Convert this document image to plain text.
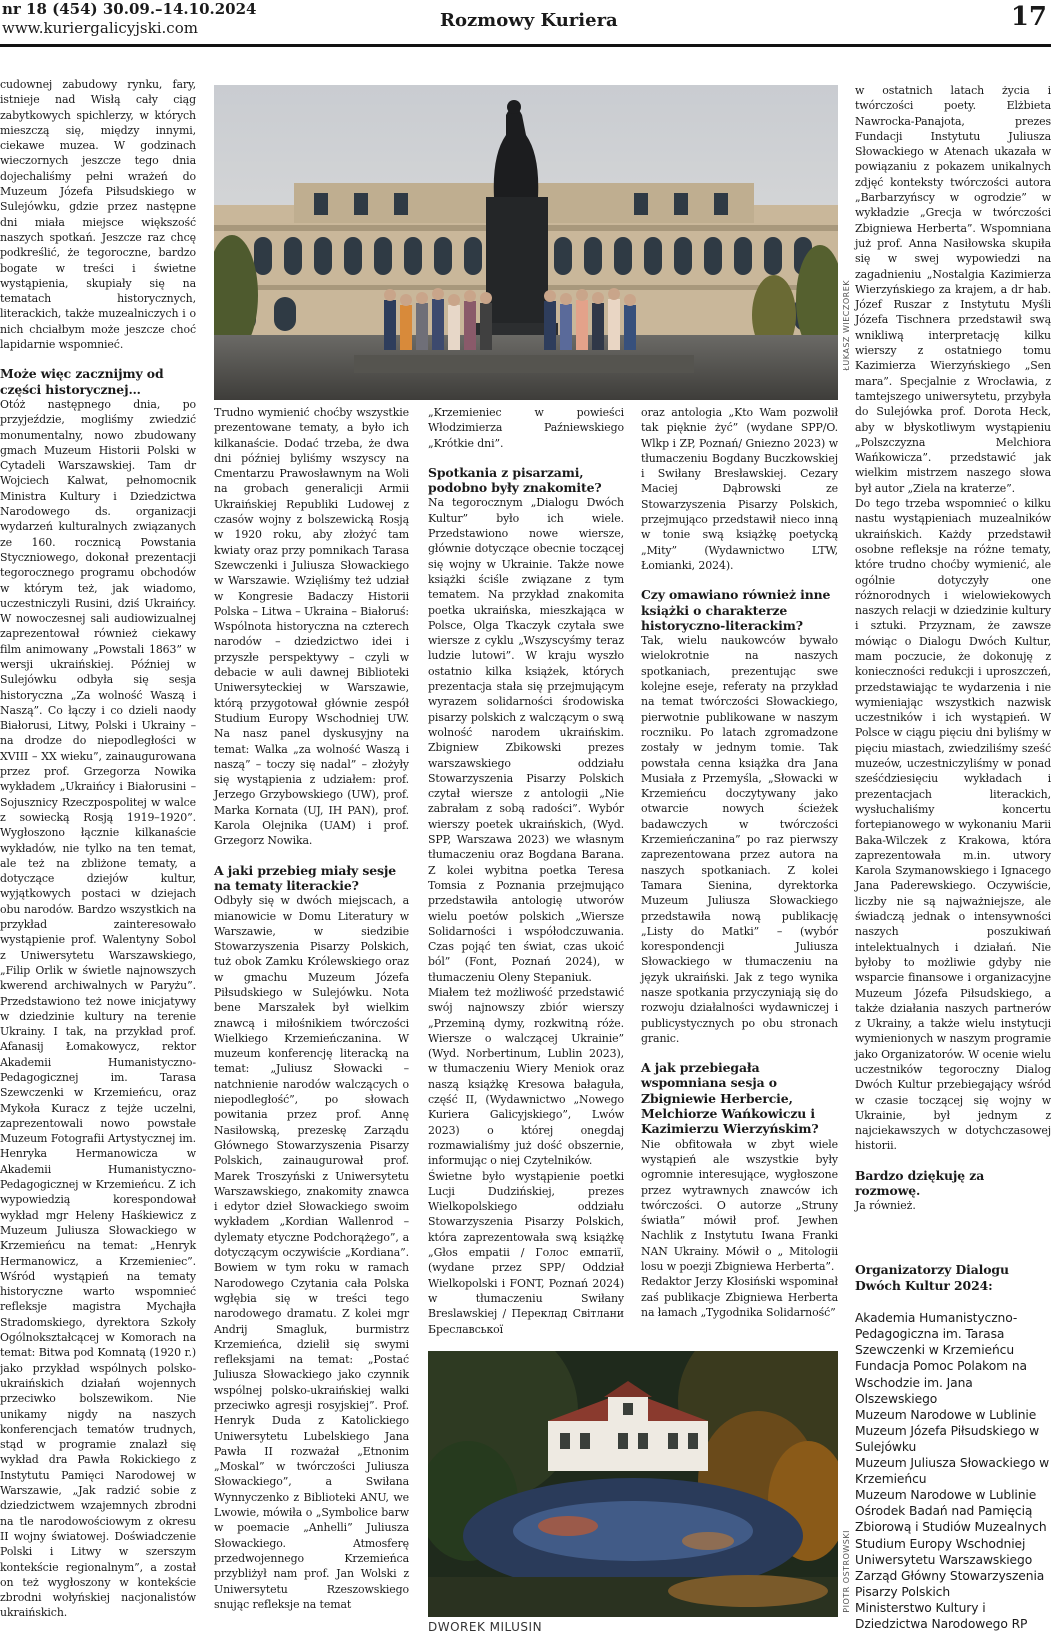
nr 18 (454) 30.09.–14.10.2024
www.kuriergalicyjski.com	Rozmowy Kuriera	17
ŁUKASZ WIECZOREK

cudownej zabudowy rynku, fary, istnieje nad Wisłą cały ciąg zabytkowych spichlerzy, w których mieszczą się, między innymi, ciekawe muzea. W godzinach wieczornych jeszcze tego dnia dojechaliśmy pełni wrażeń do Muzeum Józefa Piłsudskiego w Sulejówku, gdzie przez następne dni miała miejsce większość naszych spotkań. Jeszcze raz chcę podkreślić, że tegoroczne, bardzo bogate w treści i świetne wystąpienia, skupiały się na tematach historycznych, literackich, także muzealniczych i o nich chciałbym może jeszcze choć lapidarnie wspomnieć.

Może więc zacznijmy od części historycznej…

Otóż następnego dnia, po przyjeździe, mogliśmy zwiedzić monumentalny, nowo zbudowany gmach Muzeum Historii Polski w Cytadeli Warszawskiej. Tam dr Wojciech Kalwat, pełnomocnik Ministra Kultury i Dziedzictwa Narodowego ds. organizacji wydarzeń kulturalnych związanych ze 160. rocznicą Powstania Styczniowego, dokonał prezentacji tegorocznego programu obchodów w którym też, jak wiadomo, uczestniczyli Rusini, dziś Ukraińcy. W nowoczesnej sali audiowizualnej zaprezentował również ciekawy film animowany „Powstali 1863” w wersji ukraińskiej. Później w Sulejówku odbyła się sesja historyczna „Za wolność Waszą i Naszą”. Co łączy i co dzieli naody Białorusi, Litwy, Polski i Ukrainy – na drodze do niepodległości w XVIII – XX wieku”, zainaugurowana przez prof. Grzegorza Nowika wykładem „Ukraińcy i Białorusini – Sojusznicy Rzeczpospolitej w walce z sowiecką Rosją 1919–1920”. Wygłoszono łącznie kilkanaście wykładów, nie tylko na ten temat, ale też na zbliżone tematy, a dotyczące dziejów kultur, wyjątkowych postaci w dziejach obu narodów. Bardzo wszystkich na przykład zainteresowało wystąpienie prof. Walentyny Sobol z Uniwersytetu Warszawskiego, „Filip Orlik w świetle najnowszych kwerend archiwalnych w Paryżu”. Przedstawiono też nowe inicjatywy w dziedzinie kultury na terenie Ukrainy. I tak, na przykład prof. Afanasij Łomakowycz, rektor Akademii Humanistyczno-Pedagogicznej im. Tarasa Szewczenki w Krzemieńcu, oraz Mykoła Kuracz z tejże uczelni, zaprezentowali nowo powstałe Muzeum Fotografii Artystycznej im. Henryka Hermanowicza w Akademii Humanistyczno-Pedagogicznej w Krzemieńcu. Z ich wypowiedzią korespondował wykład mgr Heleny Haśkiewicz z Muzeum Juliusza Słowackiego w Krzemieńcu na temat: „Henryk Hermanowicz, a Krzemieniec”. Wśród wystąpień na tematy historyczne warto wspomnieć refleksje magistra Mychajła Stradomskiego, dyrektora Szkoły Ogólnokształcącej w Komorach na temat: Bitwa pod Komnatą (1920 r.) jako przykład wspólnych polsko-ukraińskich działań wojennych przeciwko bolszewikom. Nie unikamy nigdy na naszych konferencjach tematów trudnych, stąd w programie znalazł się wykład dra Pawła Rokickiego z Instytutu Pamięci Narodowej w Warszawie, „Jak radzić sobie z dziedzictwem wzajemnych zbrodni na tle narodowościowym z okresu II wojny światowej. Doświadczenie Polski i Litwy w szerszym kontekście regionalnym”, a został on też wygłoszony w kontekście zbrodni wołyńskiej nacjonalistów ukraińskich.

Trudno wymienić choćby wszystkie prezentowane tematy, a było ich kilkanaście. Dodać trzeba, że dwa dni później byliśmy wszyscy na Cmentarzu Prawosławnym na Woli na grobach generalicji Armii Ukraińskiej Republiki Ludowej z czasów wojny z bolszewicką Rosją w 1920 roku, aby złożyć tam kwiaty oraz przy pomnikach Tarasa Szewczenki i Juliusza Słowackiego w Warszawie. Wzięliśmy też udział w Kongresie Badaczy Historii Polska – Litwa – Ukraina – Białoruś: Wspólnota historyczna na czterech narodów – dziedzictwo idei i przyszłe perspektywy – czyli w debacie w auli dawnej Biblioteki Uniwersyteckiej w Warszawie, którą przygotował głównie zespół Studium Europy Wschodniej UW. Na nasz panel dyskusyjny na temat: Walka „za wolność Waszą i naszą” – toczy się nadal” – złożyły się wystąpienia z udziałem: prof. Jerzego Grzybowskiego (UW), prof. Marka Kornata (UJ, IH PAN), prof. Karola Olejnika (UAM) i prof. Grzegorz Nowika.

A jaki przebieg miały sesje na tematy literackie?

Odbyły się w dwóch miejscach, a mianowicie w Domu Literatury w Warszawie, w siedzibie Stowarzyszenia Pisarzy Polskich, tuż obok Zamku Królewskiego oraz w gmachu Muzeum Józefa Piłsudskiego w Sulejówku. Nota bene Marszałek był wielkim znawcą i miłośnikiem twórczości Wielkiego Krzemieńczanina. W muzeum konferencję literacką na temat: „Juliusz Słowacki – natchnienie narodów walczących o niepodległość”, po słowach powitania przez prof. Annę Nasiłowską, prezeskę Zarządu Głównego Stowarzyszenia Pisarzy Polskich, zainaugurował prof. Marek Troszyński z Uniwersytetu Warszawskiego, znakomity znawca i edytor dzieł Słowackiego swoim wykładem „Kordian Wallenrod – dylematy etyczne Podchorążego”, a dotyczącym oczywiście „Kordiana”. Bowiem w tym roku w ramach Narodowego Czytania cała Polska wgłębia się w treści tego narodowego dramatu. Z kolei mgr Andrij Smagluk, burmistrz Krzemieńca, dzielił się swymi refleksjami na temat: „Postać Juliusza Słowackiego jako czynnik wspólnej polsko-ukraińskiej walki przeciwko agresji rosyjskiej”. Prof. Henryk Duda z Katolickiego Uniwersytetu Lubelskiego Jana Pawła II rozważał „Etnonim „Moskal” w twórczości Juliusza Słowackiego”, a Swiłana Wynnyczenko z Biblioteki ANU, we Lwowie, mówiła o „Symbolice barw w poemacie „Anhelli” Juliusza Słowackiego. Atmosferę przedwojennego Krzemieńca przybliżył nam prof. Jan Wolski z Uniwersytetu Rzeszowskiego snując refleksje na temat

„Krzemieniec w powieści Włodzimierza Paźniewskiego „Krótkie dni”.

Spotkania z pisarzami, podobno były znakomite?

Na tegorocznym „Dialogu Dwóch Kultur” było ich wiele. Przedstawiono nowe wiersze, głównie dotyczące obecnie toczącej się wojny w Ukrainie. Także nowe książki ściśle związane z tym tematem. Na przykład znakomita poetka ukraińska, mieszkająca w Polsce, Olga Tkaczyk czytała swe wiersze z cyklu „Wszyscyśmy teraz ludzie lutowi”. W kraju wyszło ostatnio kilka książek, których prezentacja stała się przejmującym wyrazem solidarności środowiska pisarzy polskich z walczącym o swą wolność narodem ukraińskim. Zbigniew Zbikowski prezes warszawskiego oddziału Stowarzyszenia Pisarzy Polskich czytał wiersze z antologii „Nie zabrałam z sobą radości”. Wybór wierszy poetek ukraińskich, (Wyd. SPP, Warszawa 2023) we własnym tłumaczeniu oraz Bogdana Barana. Z kolei wybitna poetka Teresa Tomsia z Poznania przejmująco przedstawiła antologię utworów wielu poetów polskich „Wiersze Solidarności i współodczuwania. Czas pojąć ten świat, czas ukoić ból” (Font, Poznań 2024), w tłumaczeniu Oleny Stepaniuk.

Miałem też możliwość przedstawić swój najnowszy zbiór wierszy „Przeminą dymy, rozkwitną róże. Wiersze o walczącej Ukrainie” (Wyd. Norbertinum, Lublin 2023), w tłumaczeniu Wiery Meniok oraz naszą książkę Kresowa bałaguła, część II, (Wydawnictwo „Nowego Kuriera Galicyjskiego”, Lwów 2023) o której onegdaj rozmawialiśmy już dość obszernie, informując o niej Czytelników.

Świetne było wystąpienie poetki Lucji Dudzińskiej, prezes Wielkopolskiego oddziału Stowarzyszenia Pisarzy Polskich, która zaprezentowała swą książkę „Głos empatii / Голос емпатії, (wydane przez SPP/ Oddział Wielkopolski i FONT, Poznań 2024) w tłumaczeniu Swiłany Breslawskiej / Переклад Світлани Бреславської

oraz antologia „Kto Wam pozwolił tak pięknie żyć” (wydane SPP/O. Wlkp i ZP, Poznań/ Gniezno 2023) w tłumaczeniu Bogdany Buczkowskiej i Swiłany Bresławskiej. Cezary Maciej Dąbrowski ze Stowarzyszenia Pisarzy Polskich, przejmująco przedstawił nieco inną w tonie swą książkę poetycką „Mity” (Wydawnictwo LTW, Łomianki, 2024).

Czy omawiano również inne książki o charakterze historyczno-literackim?

Tak, wielu naukowców bywało wielokrotnie na naszych spotkaniach, prezentując swe kolejne eseje, referaty na przykład na temat twórczości Słowackiego, pierwotnie publikowane w naszym roczniku. Po latach zgromadzone zostały w jednym tomie. Tak powstała cenna książka dra Jana Musiała z Przemyśla, „Słowacki w Krzemieńcu doczytywany jako otwarcie nowych ścieżek badawczych w twórczości Krzemieńczanina” po raz pierwszy zaprezentowana przez autora na naszych spotkaniach. Z kolei Tamara Sienina, dyrektorka Muzeum Juliusza Słowackiego przedstawiła nową publikację „Listy do Matki” – (wybór korespondencji Juliusza Słowackiego w tłumaczeniu na język ukraiński. Jak z tego wynika nasze spotkania przyczyniają się do rozwoju działalności wydawniczej i publicystycznych po obu stronach granic.

A jak przebiegała wspomniana sesja o Zbigniewie Herbercie, Melchiorze Wańkowiczu i Kazimierzu Wierzyńskim?

Nie obfitowała w zbyt wiele wystąpień ale wszystkie były ogromnie interesujące, wygłoszone przez wytrawnych znawców ich twórczości. O autorze „Struny światła” mówił prof. Jewhen Nachlik z Instytutu Iwana Franki NAN Ukrainy. Mówił o „ Mitologii losu w poezji Zbigniewa Herberta”.

Redaktor Jerzy Kłosiński wspominał zaś publikacje Zbigniewa Herberta na łamach „Tygodnika Solidarność”

PIOTR OSTROWSKI
DWOREK MILUSIN

w ostatnich latach życia i twórczości poety. Elżbieta Nawrocka-Panajota, prezes Fundacji Instytutu Juliusza Słowackiego w Atenach ukazała w powiązaniu z pokazem unikalnych zdjęć konteksty twórczości autora „Barbarzyńscy w ogrodzie” w wykładzie „Grecja w twórczości Zbigniewa Herberta”. Wspomniana już prof. Anna Nasiłowska skupiła się w swej wypowiedzi na zagadnieniu „Nostalgia Kazimierza Wierzyńskiego za krajem, a dr hab. Józef Ruszar z Instytutu Myśli Józefa Tischnera przedstawił swą wnikliwą interpretację kilku wierszy z ostatniego tomu Kazimierza Wierzyńskiego „Sen mara”. Specjalnie z Wrocławia, z tamtejszego uniwersytetu, przybyła do Sulejówka prof. Dorota Heck, aby w błyskotliwym wystąpieniu „Polszczyzna Melchiora Wańkowicza”. przedstawić jak wielkim mistrzem naszego słowa był autor „Ziela na kraterze”.

Do tego trzeba wspomnieć o kilku nastu wystąpieniach muzealników ukraińskich. Każdy przedstawił osobne refleksje na różne tematy, które trudno choćby wymienić, ale ogólnie dotyczyły one różnorodnych i wielowiekowych naszych relacji w dziedzinie kultury i sztuki. Przyznam, że zawsze mówiąc o Dialogu Dwóch Kultur, mam poczucie, że dokonuję z konieczności redukcji i uproszczeń, przedstawiając te wydarzenia i nie wymieniając wszystkich nazwisk uczestników i ich wystąpień. W Polsce w ciągu pięciu dni byliśmy w pięciu miastach, zwiedziliśmy sześć muzeów, uczestniczyliśmy w ponad sześćdziesięciu wykładach i prezentacjach literackich, wysłuchaliśmy koncertu fortepianowego w wykonaniu Marii Baka-Wilczek z Krakowa, która zaprezentowała m.in. utwory Karola Szymanowskiego i Ignacego Jana Paderewskiego. Oczywiście, liczby nie są najważniejsze, ale świadczą jednak o intensywności naszych poszukiwań intelektualnych i działań. Nie byłoby to możliwie gdyby nie wsparcie finansowe i organizacyjne Muzeum Józefa Piłsudskiego, a także działania naszych partnerów z Ukrainy, a także wielu instytucji wymienionych w naszym programie jako Organizatorów. W ocenie wielu uczestników tegoroczny Dialog Dwóch Kultur przebiegający wśród w czasie toczącej się wojny w Ukrainie, był jednym z najciekawszych w dotychczasowej historii.

Bardzo dziękuję za rozmowę.

Ja również.

Organizatorzy Dialogu Dwóch Kultur 2024:

Akademia Humanistyczno-Pedagogiczna im. Tarasa Szewczenki w Krzemieńcu
Fundacja Pomoc Polakom na Wschodzie im. Jana Olszewskiego
Muzeum Narodowe w Lublinie
Muzeum Józefa Piłsudskiego w Sulejówku
Muzeum Juliusza Słowackiego w Krzemieńcu
Muzeum Narodowe w Lublinie
Ośrodek Badań nad Pamięcią Zbiorową i Studiów Muzealnych
Studium Europy Wschodniej Uniwersytetu Warszawskiego
Zarząd Główny Stowarzyszenia Pisarzy Polskich
Ministerstwo Kultury i Dziedzictwa Narodowego RP
